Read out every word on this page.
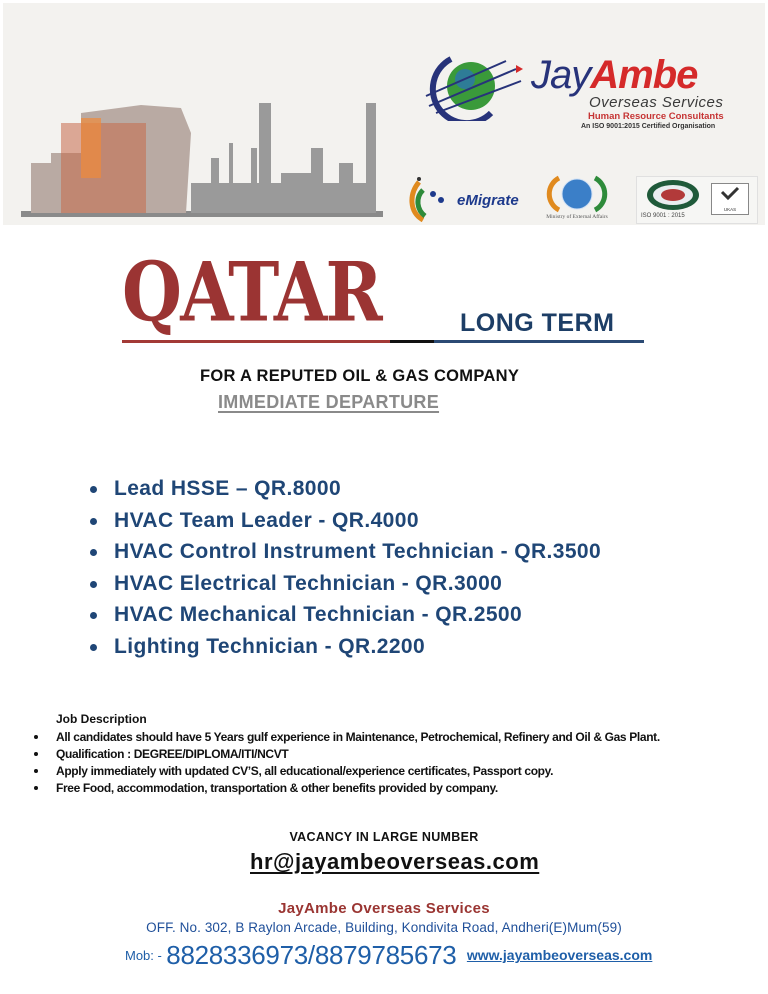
JayAmbe
Overseas Services
Human Resource Consultants
An ISO 9001:2015 Certified Organisation
eMigrate
Ministry of External Affairs	ISO 9001 : 2015
UKAS
QATAR	LONG TERM
FOR A REPUTED OIL & GAS COMPANY
IMMEDIATE DEPARTURE
Lead HSSE – QR.8000
HVAC Team Leader - QR.4000
HVAC Control Instrument Technician - QR.3500
HVAC Electrical Technician - QR.3000
HVAC Mechanical Technician - QR.2500
Lighting Technician - QR.2200
Job Description
All candidates should have 5 Years gulf experience in Maintenance, Petrochemical, Refinery and Oil & Gas Plant.
Qualification : DEGREE/DIPLOMA/ITI/NCVT
Apply immediately with updated CV’S, all educational/experience certificates, Passport copy.
Free Food, accommodation, transportation & other benefits provided by company.
VACANCY IN LARGE NUMBER
hr@jayambeoverseas.com
JayAmbe Overseas Services
OFF. No. 302, B Raylon Arcade, Building, Kondivita Road, Andheri(E)Mum(59)
$^{Mob: -}$ 8828336973/8879785673 www.jayambeoverseas.com
